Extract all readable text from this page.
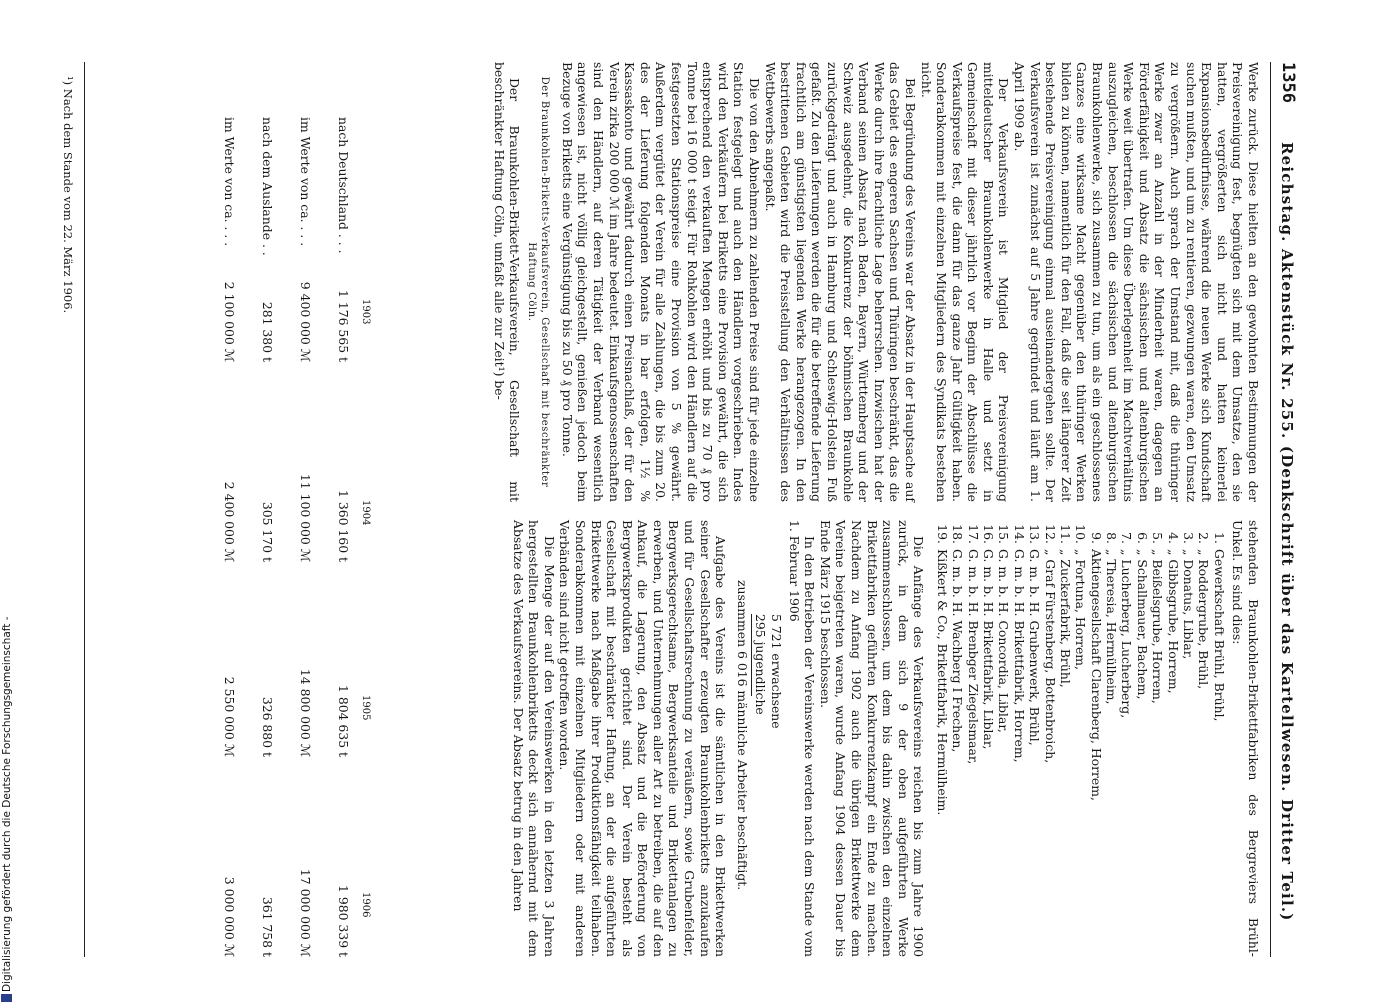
1356
Reichstag. Aktenstück Nr. 255. (Denkschrift über das Kartellwesen. Dritter Teil.)

Werke zurück. Diese hielten an den gewohnten Bestimmungen der Preisvereinigung fest, begnügten sich mit dem Umsatze, den sie hatten, vergrößerten sich nicht und hatten keinerlei Expansionsbedürfnisse, während die neuen Werke sich Kundschaft suchen mußten, und um zu rentieren, gezwungen waren, den Umsatz zu vergrößern. Auch sprach der Umstand mit, daß die thüringer Werke zwar an Anzahl in der Minderheit waren, dagegen an Förderfähigkeit und Absatz die sächsischen und altenburgischen Werke weit übertrafen. Um diese Überlegenheit im Machtverhältnis auszugleichen, beschlossen die sächsischen und altenburgischen Braunkohlenwerke, sich zusammen zu tun, um als ein geschlossenes Ganzes eine wirksame Macht gegenüber den thüringer Werken bilden zu können, namentlich für den Fall, daß die seit längerer Zeit bestehende Preisvereinigung einmal auseinandergehen sollte. Der Verkaufsverein ist zunächst auf 5 Jahre gegründet und läuft am 1. April 1909 ab.

Der Verkaufsverein ist Mitglied der Preisvereinigung mitteldeutscher Braunkohlenwerke in Halle und setzt in Gemeinschaft mit dieser jährlich vor Beginn der Abschlüsse die Verkaufspreise fest, die dann für das ganze Jahr Gültigkeit haben. Sonderabkommen mit einzelnen Mitgliedern des Syndikats bestehen nicht.

Bei Begründung des Vereins war der Absatz in der Hauptsache auf das Gebiet des engeren Sachsen und Thüringen beschränkt, das die Werke durch ihre frachtliche Lage beherrschen. Inzwischen hat der Verband seinen Absatz nach Baden, Bayern, Württemberg und der Schweiz ausgedehnt, die Konkurrenz der böhmischen Braunkohle zurückgedrängt und auch in Hamburg und Schleswig-Holstein Fuß gefaßt. Zu den Lieferungen werden die für die betreffende Lieferung frachtlich am günstigsten liegenden Werke herangezogen. In den bestrittenen Gebieten wird die Preisstellung den Verhältnissen des Wettbewerbs angepaßt.

Die von den Abnehmern zu zahlenden Preise sind für jede einzelne Station festgelegt und auch den Händlern vorgeschrieben. Indes wird den Verkäufern bei Briketts eine Provision gewährt, die sich entsprechend den verkauften Mengen erhöht und bis zu 70 ₰ pro Tonne bei 16 000 t steigt. Für Rohkohlen wird den Händlern auf die festgesetzten Stationspreise eine Provision von 5 % gewährt. Außerdem vergütet der Verein für alle Zahlungen, die bis zum 20. des der Lieferung folgenden Monats in bar erfolgen, 1½ % Kassaskonto und gewährt dadurch einen Preisnachlaß, der für den Verein zirka 200 000 ℳ im Jahre bedeutet. Einkaufsgenossenschaften sind den Händlern, auf deren Tätigkeit der Verband wesentlich angewiesen ist, nicht völlig gleichgestellt, genießen jedoch beim Bezuge von Briketts eine Vergünstigung bis zu 50 ₰ pro Tonne.

Der Braunkohlen-Briketts-Verkaufsverein, Gesellschaft mit beschränkter Haftung Cöln.

Der Braunkohlen-Brikett-Verkaufsverein, Gesellschaft mit beschränkter Haftung Cöln, umfaßt alle zur Zeit¹) be-

stehenden Braunkohlen-Brikettfabriken des Bergreviers Brühl-Unkel. Es sind dies:

1.
Gewerkschaft Brühl, Brühl,
2.
„ Roddergrube, Brühl,
3.
„ Donatus, Liblar,
4.
„ Gibbsgrube, Horrem,
5.
„ Beißelsgrube, Horrem,
6.
„ Schallmauer, Bachem,
7.
„ Lucherberg, Lucherberg,
8.
„ Theresia, Hermülheim,
9.
Aktiengesellschaft Clarenberg, Horrem,
10.
„ Fortuna, Horrem,
11.
„ Zuckerfabrik, Brühl,
12.
„ Graf Fürstenberg, Bottenbroich,
13.
G. m. b. H. Grubenwerk, Brühl,
14.
G. m. b. H. Brikettfabrik, Horrem,
15.
G. m. b. H. Concordia, Liblar,
16.
G. m. b. H. Brikettfabrik, Liblar,
17.
G. m. b. H. Brenbger Ziegelsmaar,
18.
G. m. b. H. Wachberg I Frechen,
19.
Kißkert & Co., Brikettfabrik, Hermülheim.

Die Anfänge des Verkaufsvereins reichen bis zum Jahre 1900 zurück, in dem sich 9 der oben aufgeführten Werke zusammenschlossen, um dem bis dahin zwischen den einzelnen Brikettfabriken geführten Konkurrenzkampf ein Ende zu machen. Nachdem zu Anfang 1902 auch die übrigen Brikettwerke dem Vereine beigetreten waren, wurde Anfang 1904 dessen Dauer bis Ende März 1915 beschlossen.

In den Betrieben der Vereinswerke werden nach dem Stande vom 1. Februar 1906

5 721 erwachsene
295 jugendliche
zusammen 6 016 männliche Arbeiter beschäftigt.

Aufgabe des Vereins ist die sämtlichen in den Brikettwerken seiner Gesellschafter erzeugten Braunkohlenbriketts anzukaufen und für Gesellschaftsrechnung zu veräußern, sowie Grubenfelder, Bergwerksgerechtsame, Bergwerksanteile und Brikettanlagen zu erwerben, und Unternehmungen aller Art zu betreiben, die auf den Ankauf, die Lagerung, den Absatz und die Beförderung von Bergwerksprodukten gerichtet sind. Der Verein besteht als Gesellschaft mit beschränkter Haftung, an der die aufgeführten Brikettwerke nach Maßgabe ihrer Produktionsfähigkeit teilhaben. Sonderabkommen mit einzelnen Mitgliedern oder mit anderen Verbänden sind nicht getroffen worden.

Die Menge der auf den Vereinswerken in den letzten 3 Jahren hergestellten Braunkohlenbriketts deckt sich annähernd mit dem Absatze des Verkaufsvereins. Der Absatz betrug in den Jahren

1903
1904
1905
1906
nach Deutschland . . .
1 176 565 t
1 360 160 t
1 804 635 t
1 980 339 t
im Werte von ca. . . .
9 400 000 ℳ
11 100 000 ℳ
14 800 000 ℳ
17 000 000 ℳ
nach dem Auslande . .
281 380 t
305 170 t
326 880 t
361 758 t
im Werte von ca. . . .
2 100 000 ℳ
2 400 000 ℳ
2 550 000 ℳ
3 000 000 ℳ
¹) Nach dem Stande vom 22. März 1906.
Digitalisierung gefördert durch die Deutsche Forschungsgemeinschaft -
